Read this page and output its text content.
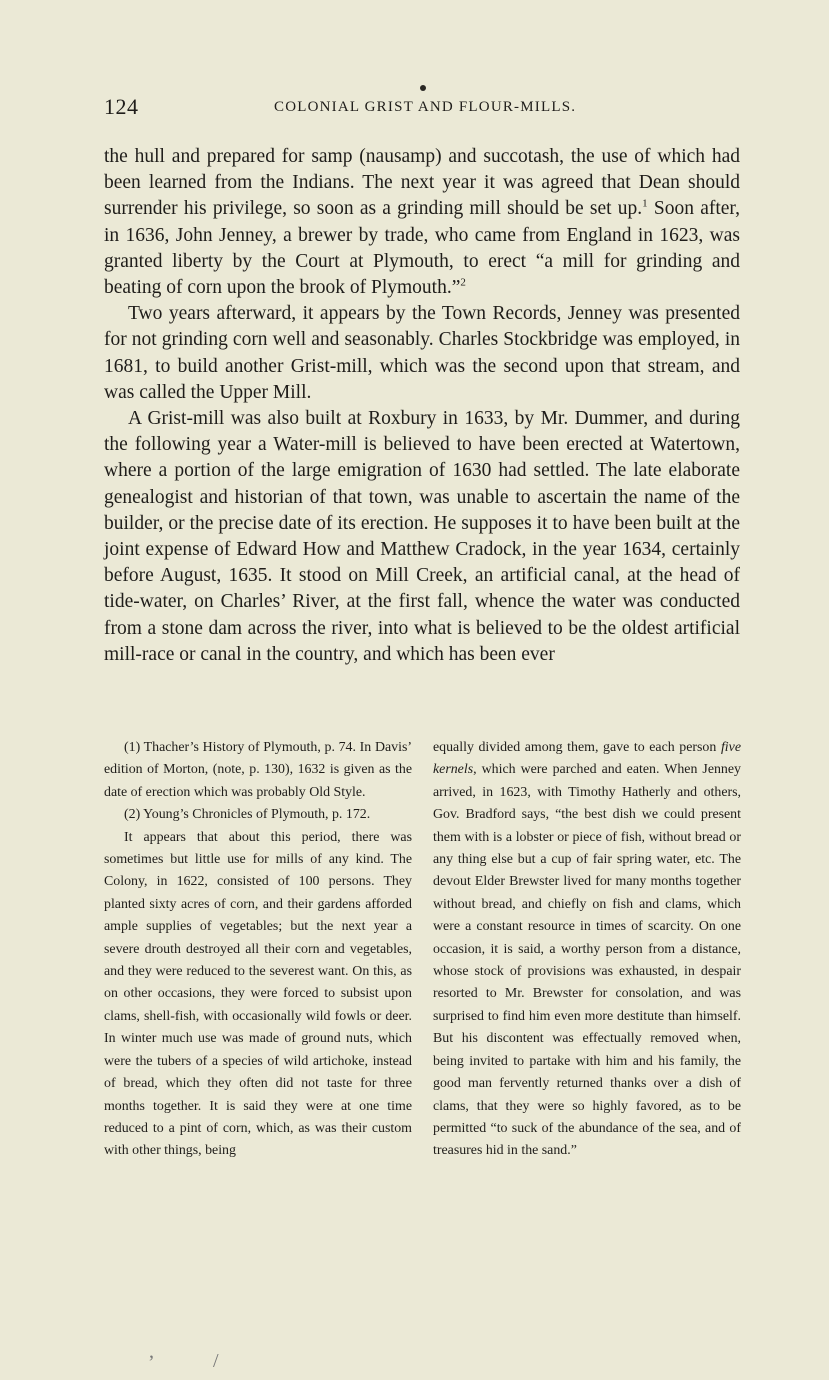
124	COLONIAL GRIST AND FLOUR-MILLS.

the hull and prepared for samp (nausamp) and succotash, the use of which had been learned from the Indians. The next year it was agreed that Dean should surrender his privilege, so soon as a grinding mill should be set up.$^1$ Soon after, in 1636, John Jenney, a brewer by trade, who came from England in 1623, was granted liberty by the Court at Plymouth, to erect “a mill for grinding and beating of corn upon the brook of Plymouth.”$^2$

Two years afterward, it appears by the Town Records, Jenney was presented for not grinding corn well and seasonably. Charles Stockbridge was employed, in 1681, to build another Grist-mill, which was the second upon that stream, and was called the Upper Mill.

A Grist-mill was also built at Roxbury in 1633, by Mr. Dummer, and during the following year a Water-mill is believed to have been erected at Watertown, where a portion of the large emigration of 1630 had settled. The late elaborate genealogist and historian of that town, was unable to ascertain the name of the builder, or the precise date of its erection. He supposes it to have been built at the joint expense of Edward How and Matthew Cradock, in the year 1634, certainly before August, 1635. It stood on Mill Creek, an artificial canal, at the head of tide-water, on Charles’ River, at the first fall, whence the water was conducted from a stone dam across the river, into what is believed to be the oldest artificial mill-race or canal in the country, and which has been ever

(1) Thacher’s History of Plymouth, p. 74. In Davis’ edition of Morton, (note, p. 130), 1632 is given as the date of erection which was probably Old Style.

(2) Young’s Chronicles of Plymouth, p. 172.

It appears that about this period, there was sometimes but little use for mills of any kind. The Colony, in 1622, consisted of 100 persons. They planted sixty acres of corn, and their gardens afforded ample supplies of vegetables; but the next year a severe drouth destroyed all their corn and vegetables, and they were reduced to the severest want. On this, as on other occasions, they were forced to subsist upon clams, shell-fish, with occasionally wild fowls or deer. In winter much use was made of ground nuts, which were the tubers of a species of wild artichoke, instead of bread, which they often did not taste for three months together. It is said they were at one time reduced to a pint of corn, which, as was their custom with other things, being

equally divided among them, gave to each person five kernels, which were parched and eaten. When Jenney arrived, in 1623, with Timothy Hatherly and others, Gov. Bradford says, “the best dish we could present them with is a lobster or piece of fish, without bread or any thing else but a cup of fair spring water, etc. The devout Elder Brewster lived for many months together without bread, and chiefly on fish and clams, which were a constant resource in times of scarcity. On one occasion, it is said, a worthy person from a distance, whose stock of provisions was exhausted, in despair resorted to Mr. Brewster for consolation, and was surprised to find him even more destitute than himself. But his discontent was effectually removed when, being invited to partake with him and his family, the good man fervently returned thanks over a dish of clams, that they were so highly favored, as to be permitted “to suck of the abundance of the sea, and of treasures hid in the sand.”

ʼ	/
